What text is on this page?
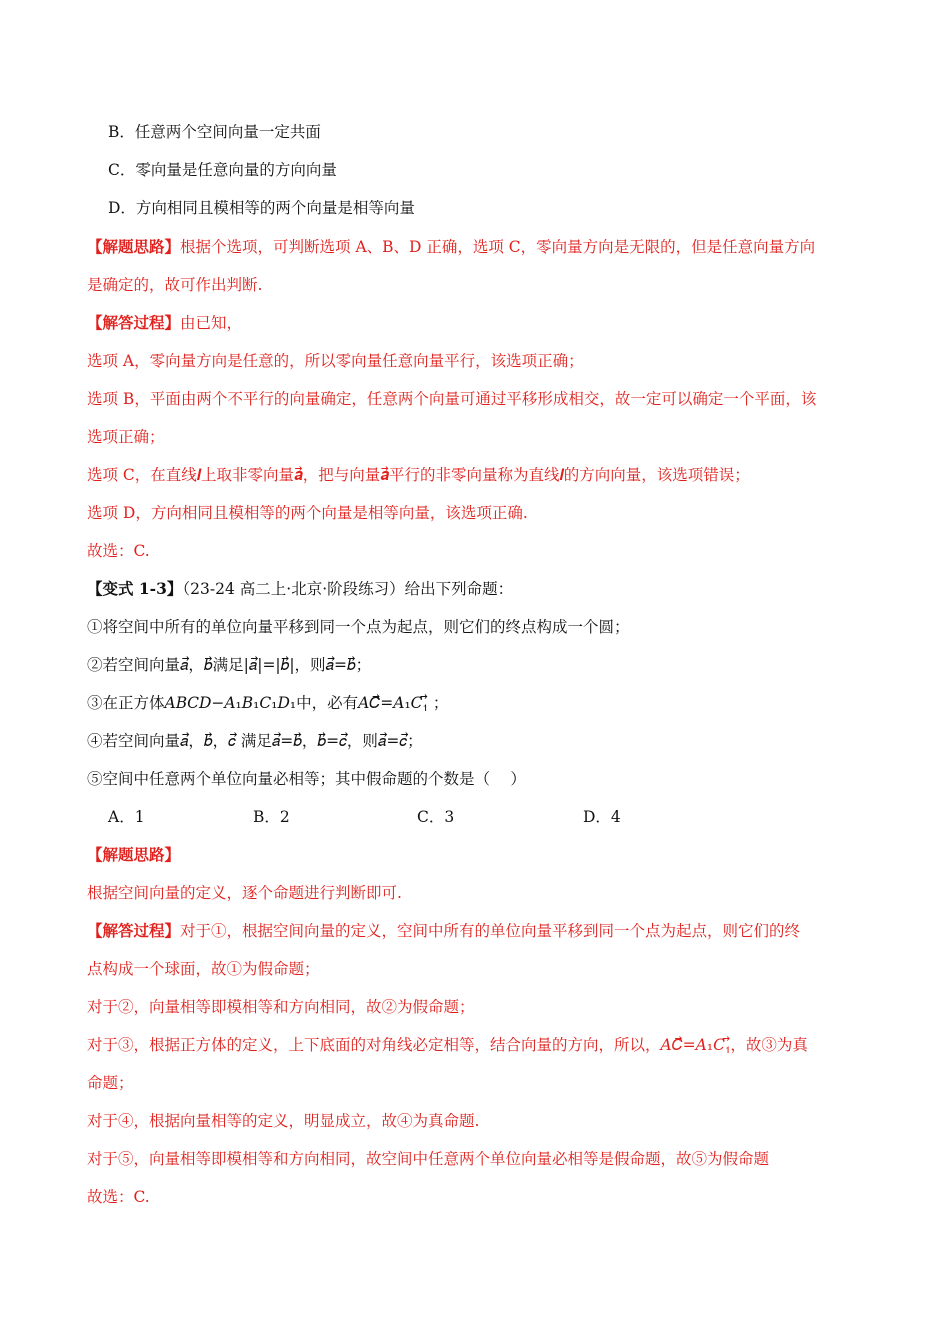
B．任意两个空间向量一定共面
C．零向量是任意向量的方向向量
D．方向相同且模相等的两个向量是相等向量
【解题思路】根据个选项，可判断选项 A、B、D 正确，选项 C，零向量方向是无限的，但是任意向量方向
是确定的，故可作出判断.
【解答过程】由已知，
选项 A，零向量方向是任意的，所以零向量任意向量平行，该选项正确；
选项 B，平面由两个不平行的向量确定，任意两个向量可通过平移形成相交，故一定可以确定一个平面，该
选项正确；
选项 C，在直线𝒍上取非零向量𝒂⃗，把与向量𝒂⃗平行的非零向量称为直线𝒍的方向向量，该选项错误；
选项 D，方向相同且模相等的两个向量是相等向量，该选项正确.
故选：C.
【变式 1-3】（23-24 高二上·北京·阶段练习）给出下列命题：
①将空间中所有的单位向量平移到同一个点为起点，则它们的终点构成一个圆；
②若空间向量𝑎⃗，𝑏⃗满足|𝑎⃗|=|𝑏⃗|，则𝑎⃗=𝑏⃗；
③在正方体𝐴𝐵𝐶𝐷−𝐴₁𝐵₁𝐶₁𝐷₁中，必有𝐴𝐶⃗=𝐴₁𝐶₁⃗ ；
④若空间向量𝑎⃗，𝑏⃗，𝑐⃗ 满足𝑎⃗=𝑏⃗，𝑏⃗=𝑐⃗，则𝑎⃗=𝑐⃗；
⑤空间中任意两个单位向量必相等；其中假命题的个数是（　 ）
A．1	B．2	C．3	D．4
【解题思路】
根据空间向量的定义，逐个命题进行判断即可.
【解答过程】对于①，根据空间向量的定义，空间中所有的单位向量平移到同一个点为起点，则它们的终
点构成一个球面，故①为假命题；
对于②，向量相等即模相等和方向相同，故②为假命题；
对于③，根据正方体的定义，上下底面的对角线必定相等，结合向量的方向，所以，𝐴𝐶⃗=𝐴₁𝐶₁⃗，故③为真
命题；
对于④，根据向量相等的定义，明显成立，故④为真命题.
对于⑤，向量相等即模相等和方向相同，故空间中任意两个单位向量必相等是假命题，故⑤为假命题
故选：C.
